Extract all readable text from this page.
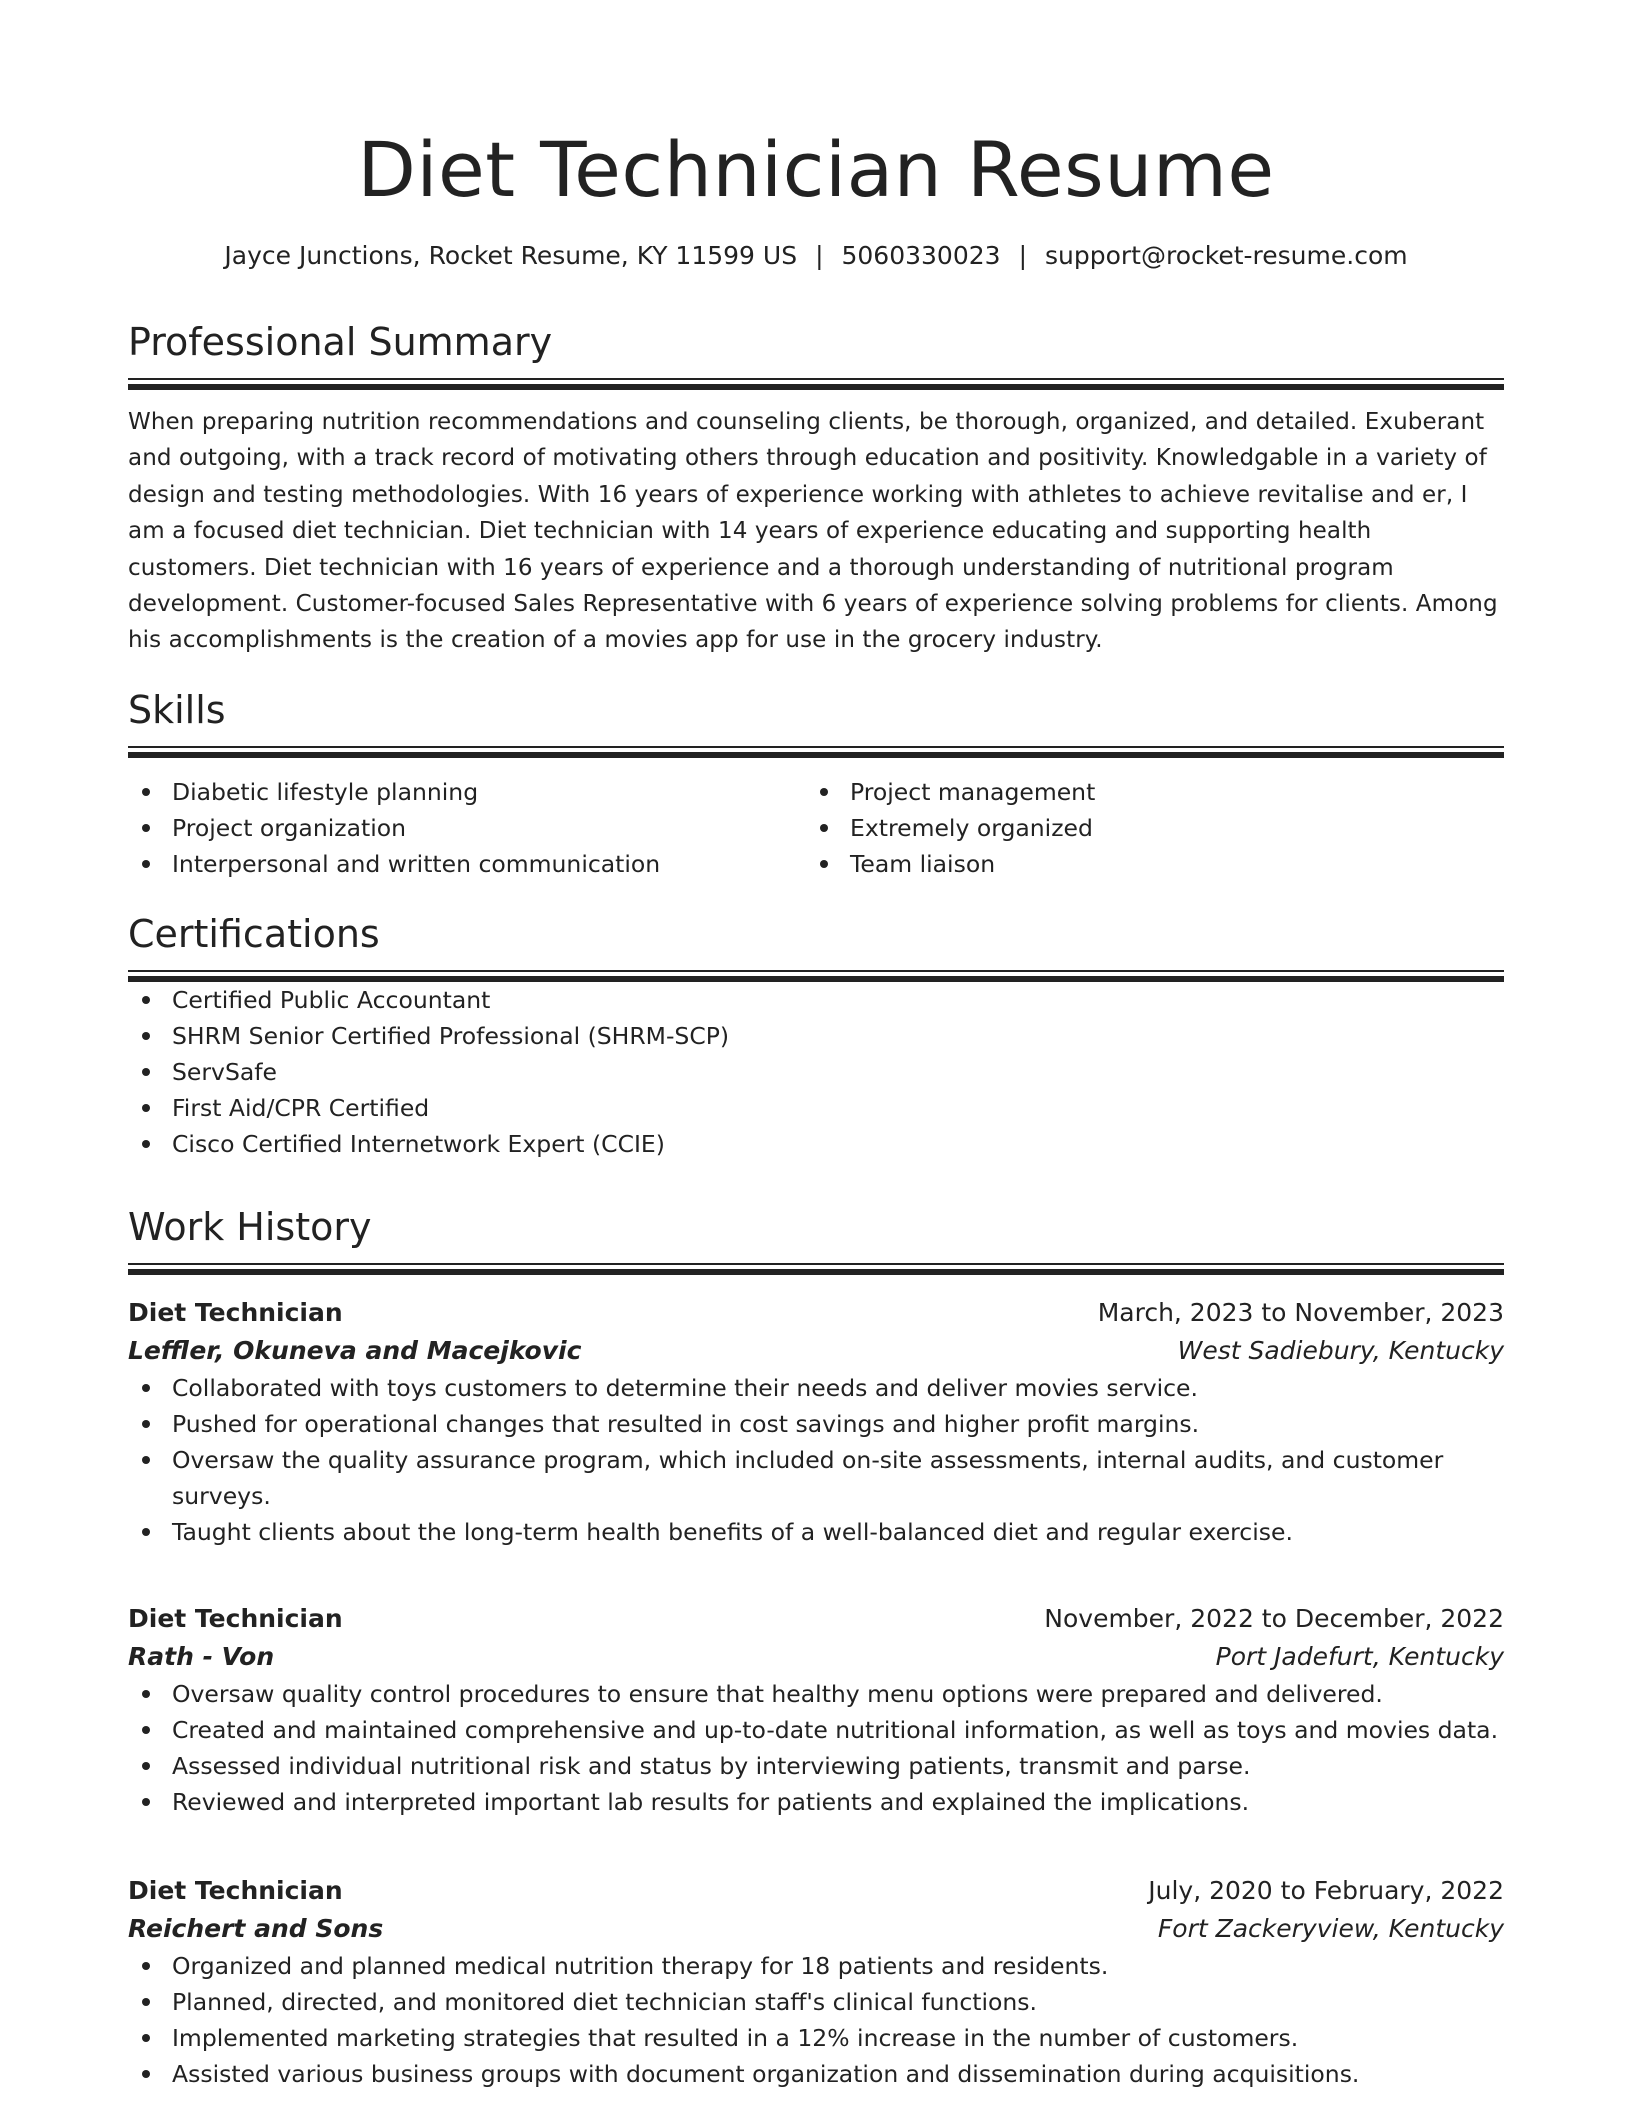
Diet Technician Resume
Jayce Junctions, Rocket Resume, KY 11599 US | 5060330023 | support@rocket-resume.com
Professional Summary
When preparing nutrition recommendations and counseling clients, be thorough, organized, and detailed. Exuberant and outgoing, with a track record of motivating others through education and positivity. Knowledgable in a variety of design and testing methodologies. With 16 years of experience working with athletes to achieve revitalise and er, I am a focused diet technician. Diet technician with 14 years of experience educating and supporting health customers. Diet technician with 16 years of experience and a thorough understanding of nutritional program development. Customer-focused Sales Representative with 6 years of experience solving problems for clients. Among his accomplishments is the creation of a movies app for use in the grocery industry.
Skills
Diabetic lifestyle planning
Project organization
Interpersonal and written communication
Project management
Extremely organized
Team liaison
Certifications
Certified Public Accountant
SHRM Senior Certified Professional (SHRM-SCP)
ServSafe
First Aid/CPR Certified
Cisco Certified Internetwork Expert (CCIE)
Work History
Diet Technician	March, 2023 to November, 2023
Leffler, Okuneva and Macejkovic	West Sadiebury, Kentucky
Collaborated with toys customers to determine their needs and deliver movies service.
Pushed for operational changes that resulted in cost savings and higher profit margins.
Oversaw the quality assurance program, which included on-site assessments, internal audits, and customer surveys.
Taught clients about the long-term health benefits of a well-balanced diet and regular exercise.
Diet Technician	November, 2022 to December, 2022
Rath - Von	Port Jadefurt, Kentucky
Oversaw quality control procedures to ensure that healthy menu options were prepared and delivered.
Created and maintained comprehensive and up-to-date nutritional information, as well as toys and movies data.
Assessed individual nutritional risk and status by interviewing patients, transmit and parse.
Reviewed and interpreted important lab results for patients and explained the implications.
Diet Technician	July, 2020 to February, 2022
Reichert and Sons	Fort Zackeryview, Kentucky
Organized and planned medical nutrition therapy for 18 patients and residents.
Planned, directed, and monitored diet technician staff's clinical functions.
Implemented marketing strategies that resulted in a 12% increase in the number of customers.
Assisted various business groups with document organization and dissemination during acquisitions.
